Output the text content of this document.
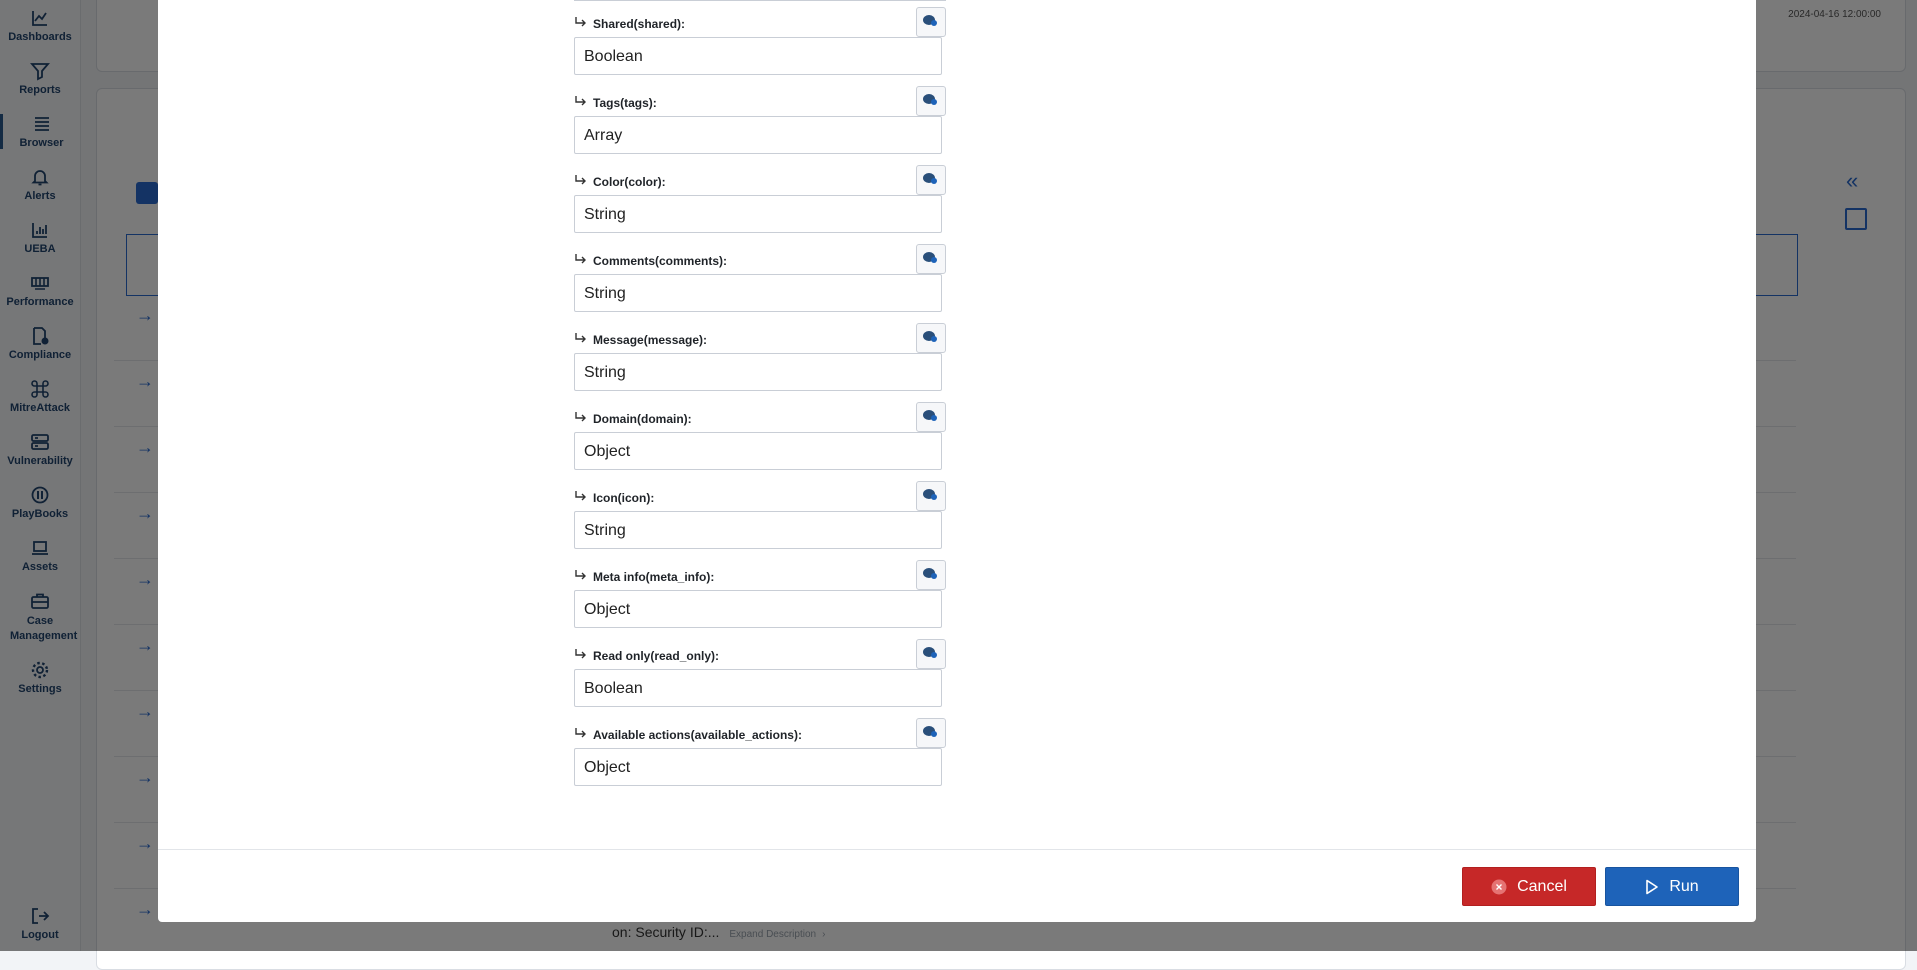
Shared(shared):
Boolean
Tags(tags):
Array
Color(color):
String
Comments(comments):
String
Message(message):
String
Domain(domain):
Object
Icon(icon):
String
Meta info(meta_info):
Object
Read only(read_only):
Boolean
Available actions(available_actions):
Object
Cancel	Run
